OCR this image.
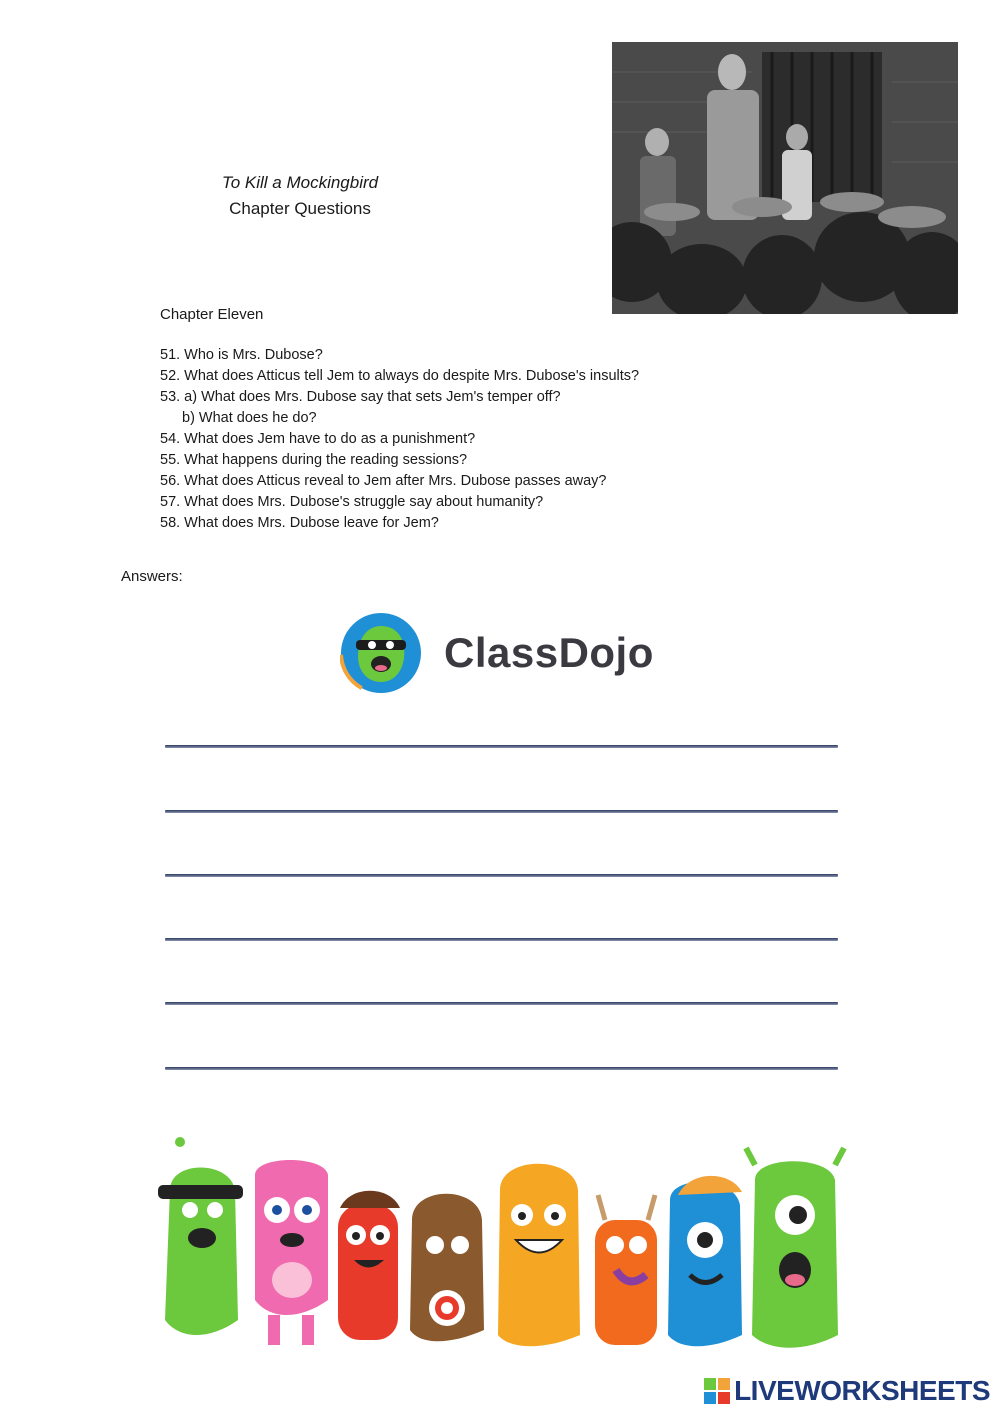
To Kill a Mockingbird
Chapter Questions
Chapter Eleven
51. Who is Mrs. Dubose?
52. What does Atticus tell Jem to always do despite Mrs. Dubose's insults?
53. a) What does Mrs. Dubose say that sets Jem's temper off?
b) What does he do?
54. What does Jem have to do as a punishment?
55. What happens during the reading sessions?
56. What does Atticus reveal to Jem after Mrs. Dubose passes away?
57. What does Mrs. Dubose's struggle say about humanity?
58. What does Mrs. Dubose leave for Jem?
Answers:
ClassDojo
LIVEWORKSHEETS
